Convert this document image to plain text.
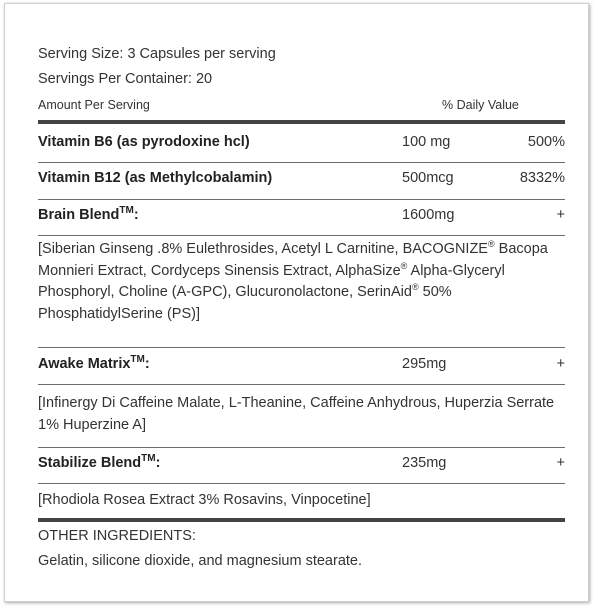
Serving Size: 3 Capsules per serving
Servings Per Container: 20
Amount Per Serving	% Daily Value
Vitamin B6 (as pyrodoxine hcl)	100 mg	500%
Vitamin B12 (as Methylcobalamin)	500mcg	8332%
Brain Blend™:	1600mg	+
[Siberian Ginseng .8% Eulethrosides, Acetyl L Carnitine, BACOGNIZE® Bacopa Monnieri Extract, Cordyceps Sinensis Extract, AlphaSize® Alpha-Glyceryl Phosphoryl, Choline (A-GPC), Glucuronolactone, SerinAid® 50% PhosphatidylSerine (PS)]
Awake Matrix™:	295mg	+
[Infinergy Di Caffeine Malate, L-Theanine, Caffeine Anhydrous, Huperzia Serrate 1% Huperzine A]
Stabilize Blend™:	235mg	+
[Rhodiola Rosea Extract 3% Rosavins, Vinpocetine]
OTHER INGREDIENTS:
Gelatin, silicone dioxide, and magnesium stearate.
